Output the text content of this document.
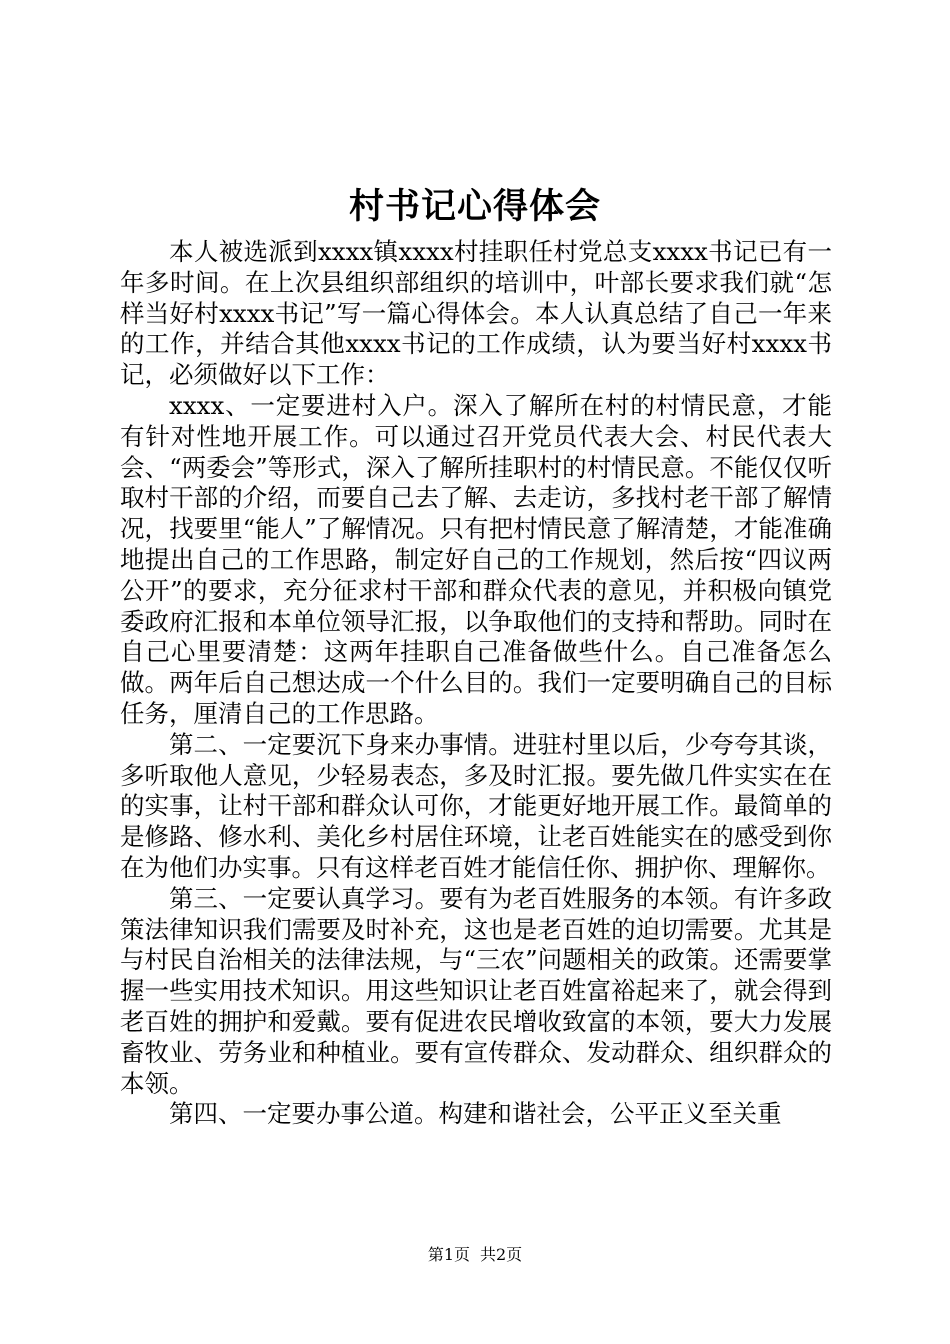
村书记心得体会

本人被选派到xxxx镇xxxx村挂职任村党总支xxxx书记已有一年多时间。在上次县组织部组织的培训中，叶部长要求我们就“怎样当好村xxxx书记”写一篇心得体会。本人认真总结了自己一年来的工作，并结合其他xxxx书记的工作成绩，认为要当好村xxxx书记，必须做好以下工作：

xxxx、一定要进村入户。深入了解所在村的村情民意，才能有针对性地开展工作。可以通过召开党员代表大会、村民代表大会、“两委会”等形式，深入了解所挂职村的村情民意。不能仅仅听取村干部的介绍，而要自己去了解、去走访，多找村老干部了解情况，找要里“能人”了解情况。只有把村情民意了解清楚，才能准确地提出自己的工作思路，制定好自己的工作规划，然后按“四议两公开”的要求，充分征求村干部和群众代表的意见，并积极向镇党委政府汇报和本单位领导汇报，以争取他们的支持和帮助。同时在自己心里要清楚：这两年挂职自己准备做些什么。自己准备怎么做。两年后自己想达成一个什么目的。我们一定要明确自己的目标任务，厘清自己的工作思路。

第二、一定要沉下身来办事情。进驻村里以后，少夸夸其谈，多听取他人意见，少轻易表态，多及时汇报。要先做几件实实在在的实事，让村干部和群众认可你，才能更好地开展工作。最简单的是修路、修水利、美化乡村居住环境，让老百姓能实在的感受到你在为他们办实事。只有这样老百姓才能信任你、拥护你、理解你。

第三、一定要认真学习。要有为老百姓服务的本领。有许多政策法律知识我们需要及时补充，这也是老百姓的迫切需要。尤其是与村民自治相关的法律法规，与“三农”问题相关的政策。还需要掌握一些实用技术知识。用这些知识让老百姓富裕起来了，就会得到老百姓的拥护和爱戴。要有促进农民增收致富的本领，要大力发展畜牧业、劳务业和种植业。要有宣传群众、发动群众、组织群众的本领。

第四、一定要办事公道。构建和谐社会，公平正义至关重

第1页 共2页
